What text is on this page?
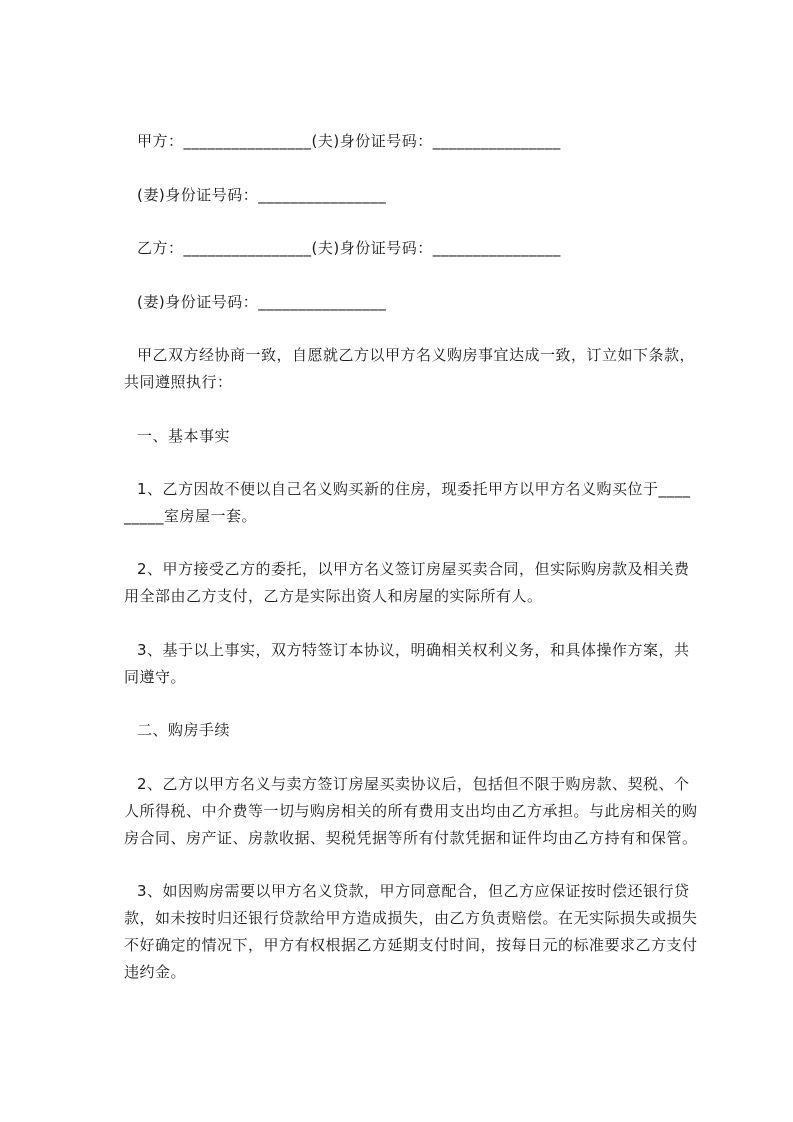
甲方：________________(夫)身份证号码：________________
(妻)身份证号码：________________
乙方：________________(夫)身份证号码：________________
(妻)身份证号码：________________
甲乙双方经协商一致，自愿就乙方以甲方名义购房事宜达成一致，订立如下条款，
共同遵照执行：
一、基本事实
1、乙方因故不便以自己名义购买新的住房，现委托甲方以甲方名义购买位于____
_____室房屋一套。
2、甲方接受乙方的委托，以甲方名义签订房屋买卖合同，但实际购房款及相关费
用全部由乙方支付，乙方是实际出资人和房屋的实际所有人。
3、基于以上事实，双方特签订本协议，明确相关权利义务，和具体操作方案，共
同遵守。
二、购房手续
2、乙方以甲方名义与卖方签订房屋买卖协议后，包括但不限于购房款、契税、个
人所得税、中介费等一切与购房相关的所有费用支出均由乙方承担。与此房相关的购
房合同、房产证、房款收据、契税凭据等所有付款凭据和证件均由乙方持有和保管。
3、如因购房需要以甲方名义贷款，甲方同意配合，但乙方应保证按时偿还银行贷
款，如未按时归还银行贷款给甲方造成损失，由乙方负责赔偿。在无实际损失或损失
不好确定的情况下，甲方有权根据乙方延期支付时间，按每日元的标准要求乙方支付
违约金。
